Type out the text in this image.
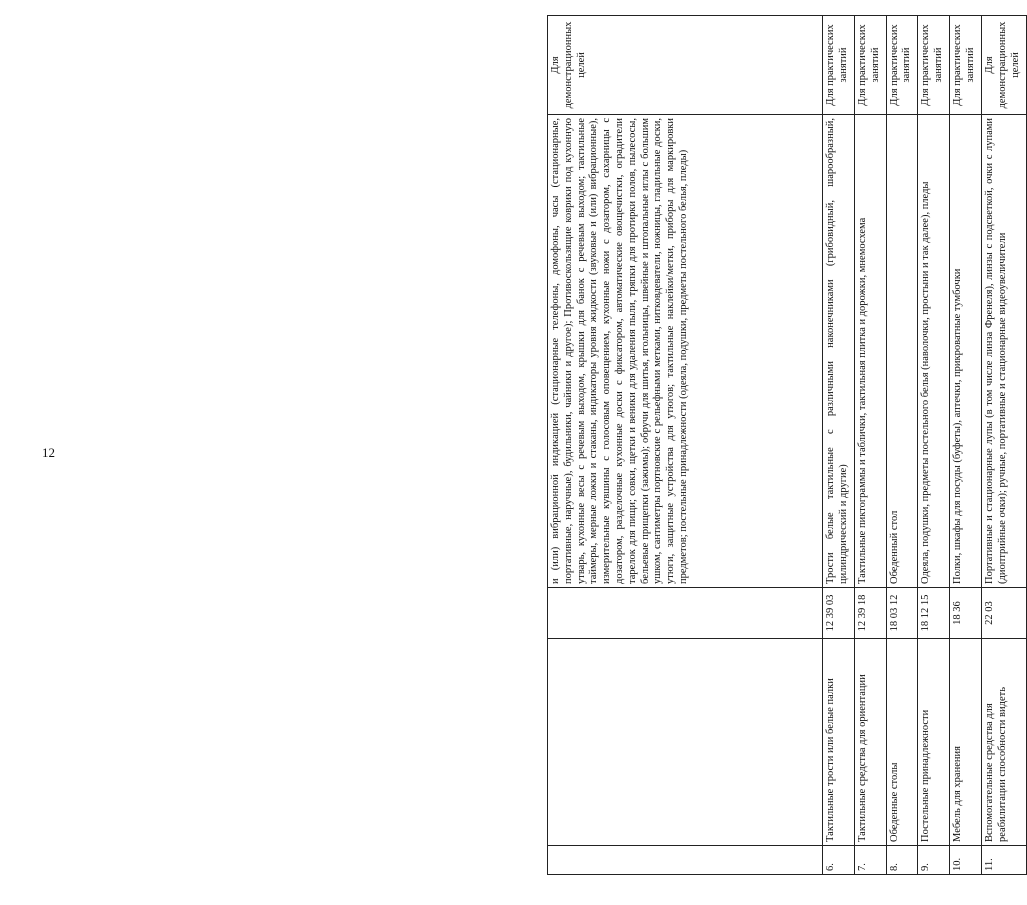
12
				и (или) вибрационной индикацией (стационарные телефоны, домофоны, часы (стационарные, портативные, наручные), будильники, чайники и другое); Противоскользящие коврики под кухонную утварь, кухонные весы с речевым выходом, крышки для банок с речевым выходом; тактильные таймеры, мерные ложки и стаканы, индикаторы уровня жидкости (звуковые и (или) вибрационные), измерительные кувшины с голосовым оповещением, кухонные ножи с дозатором, сахарницы с дозатором, разделочные кухонные доски с фиксатором, автоматические овощечистки, оградители тарелок для пищи; совки, щетки и веники для удаления пыли, тряпки для протирки полов, пылесосы, бельевые прищепки (зажимы); обручи для шитья, игольницы, швейные и штопальные иглы с большим ушком, сантиметры портновские с рельефными метками, нитковдеватели, ножницы, гладильные доски, утюги, защитные устройства для утюгов; тактильные наклейки/метки, приборы для маркировки предметов; постельные принадлежности (одеяла, подушки, предметы постельного белья, пледы)	Для демонстрационных целей
6.	Тактильные трости или белые палки	12 39 03	Трости белые тактильные с различными наконечниками (грибовидный, шарообразный, цилиндрический и другие)	Для практических занятий
7.	Тактильные средства для ориентации	12 39 18	Тактильные пиктограммы и таблички, тактильная плитка и дорожки, мнемосхема	Для практических занятий
8.	Обеденные столы	18 03 12	Обеденный стол	Для практических занятий
9.	Постельные принадлежности	18 12 15	Одеяла, подушки, предметы постельного белья (наволочки, простыни и так далее), пледы	Для практических занятий
10.	Мебель для хранения	18 36	Полки, шкафы для посуды (буфеты), аптечки, прикроватные тумбочки	Для практических занятий
11.	Вспомогательные средства для реабилитации способности видеть	22 03	Портативные и стационарные лупы (в том числе линза Френеля), линзы с подсветкой, очки с лупами (диоптрийные очки); ручные, портативные и стационарные видеоувеличители	Для демонстрационных целей
